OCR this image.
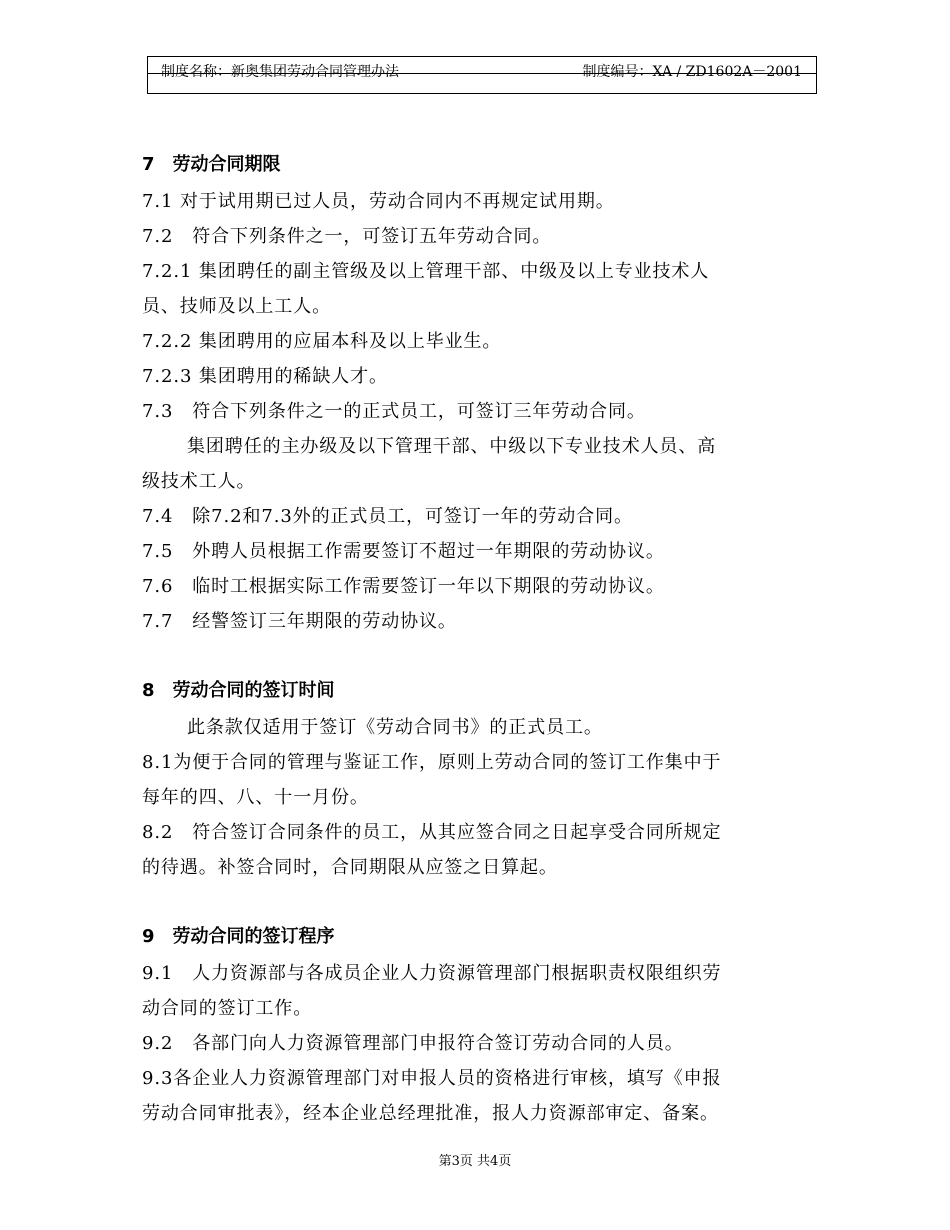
制度名称：新奥集团劳动合同管理办法	制度编号：XA / ZD1602A－2001
7　劳动合同期限
7.1 对于试用期已过人员，劳动合同内不再规定试用期。
7.2　符合下列条件之一，可签订五年劳动合同。
7.2.1 集团聘任的副主管级及以上管理干部、中级及以上专业技术人
员、技师及以上工人。
7.2.2 集团聘用的应届本科及以上毕业生。
7.2.3 集团聘用的稀缺人才。
7.3　符合下列条件之一的正式员工，可签订三年劳动合同。
集团聘任的主办级及以下管理干部、中级以下专业技术人员、高
级技术工人。
7.4　除7.2和7.3外的正式员工，可签订一年的劳动合同。
7.5　外聘人员根据工作需要签订不超过一年期限的劳动协议。
7.6　临时工根据实际工作需要签订一年以下期限的劳动协议。
7.7　经警签订三年期限的劳动协议。
8　劳动合同的签订时间
此条款仅适用于签订《劳动合同书》的正式员工。
8.1为便于合同的管理与鉴证工作，原则上劳动合同的签订工作集中于
每年的四、八、十一月份。
8.2　符合签订合同条件的员工，从其应签合同之日起享受合同所规定
的待遇。补签合同时，合同期限从应签之日算起。
9　劳动合同的签订程序
9.1　人力资源部与各成员企业人力资源管理部门根据职责权限组织劳
动合同的签订工作。
9.2　各部门向人力资源管理部门申报符合签订劳动合同的人员。
9.3各企业人力资源管理部门对申报人员的资格进行审核，填写《申报
劳动合同审批表》，经本企业总经理批准，报人力资源部审定、备案。
第3页 共4页
